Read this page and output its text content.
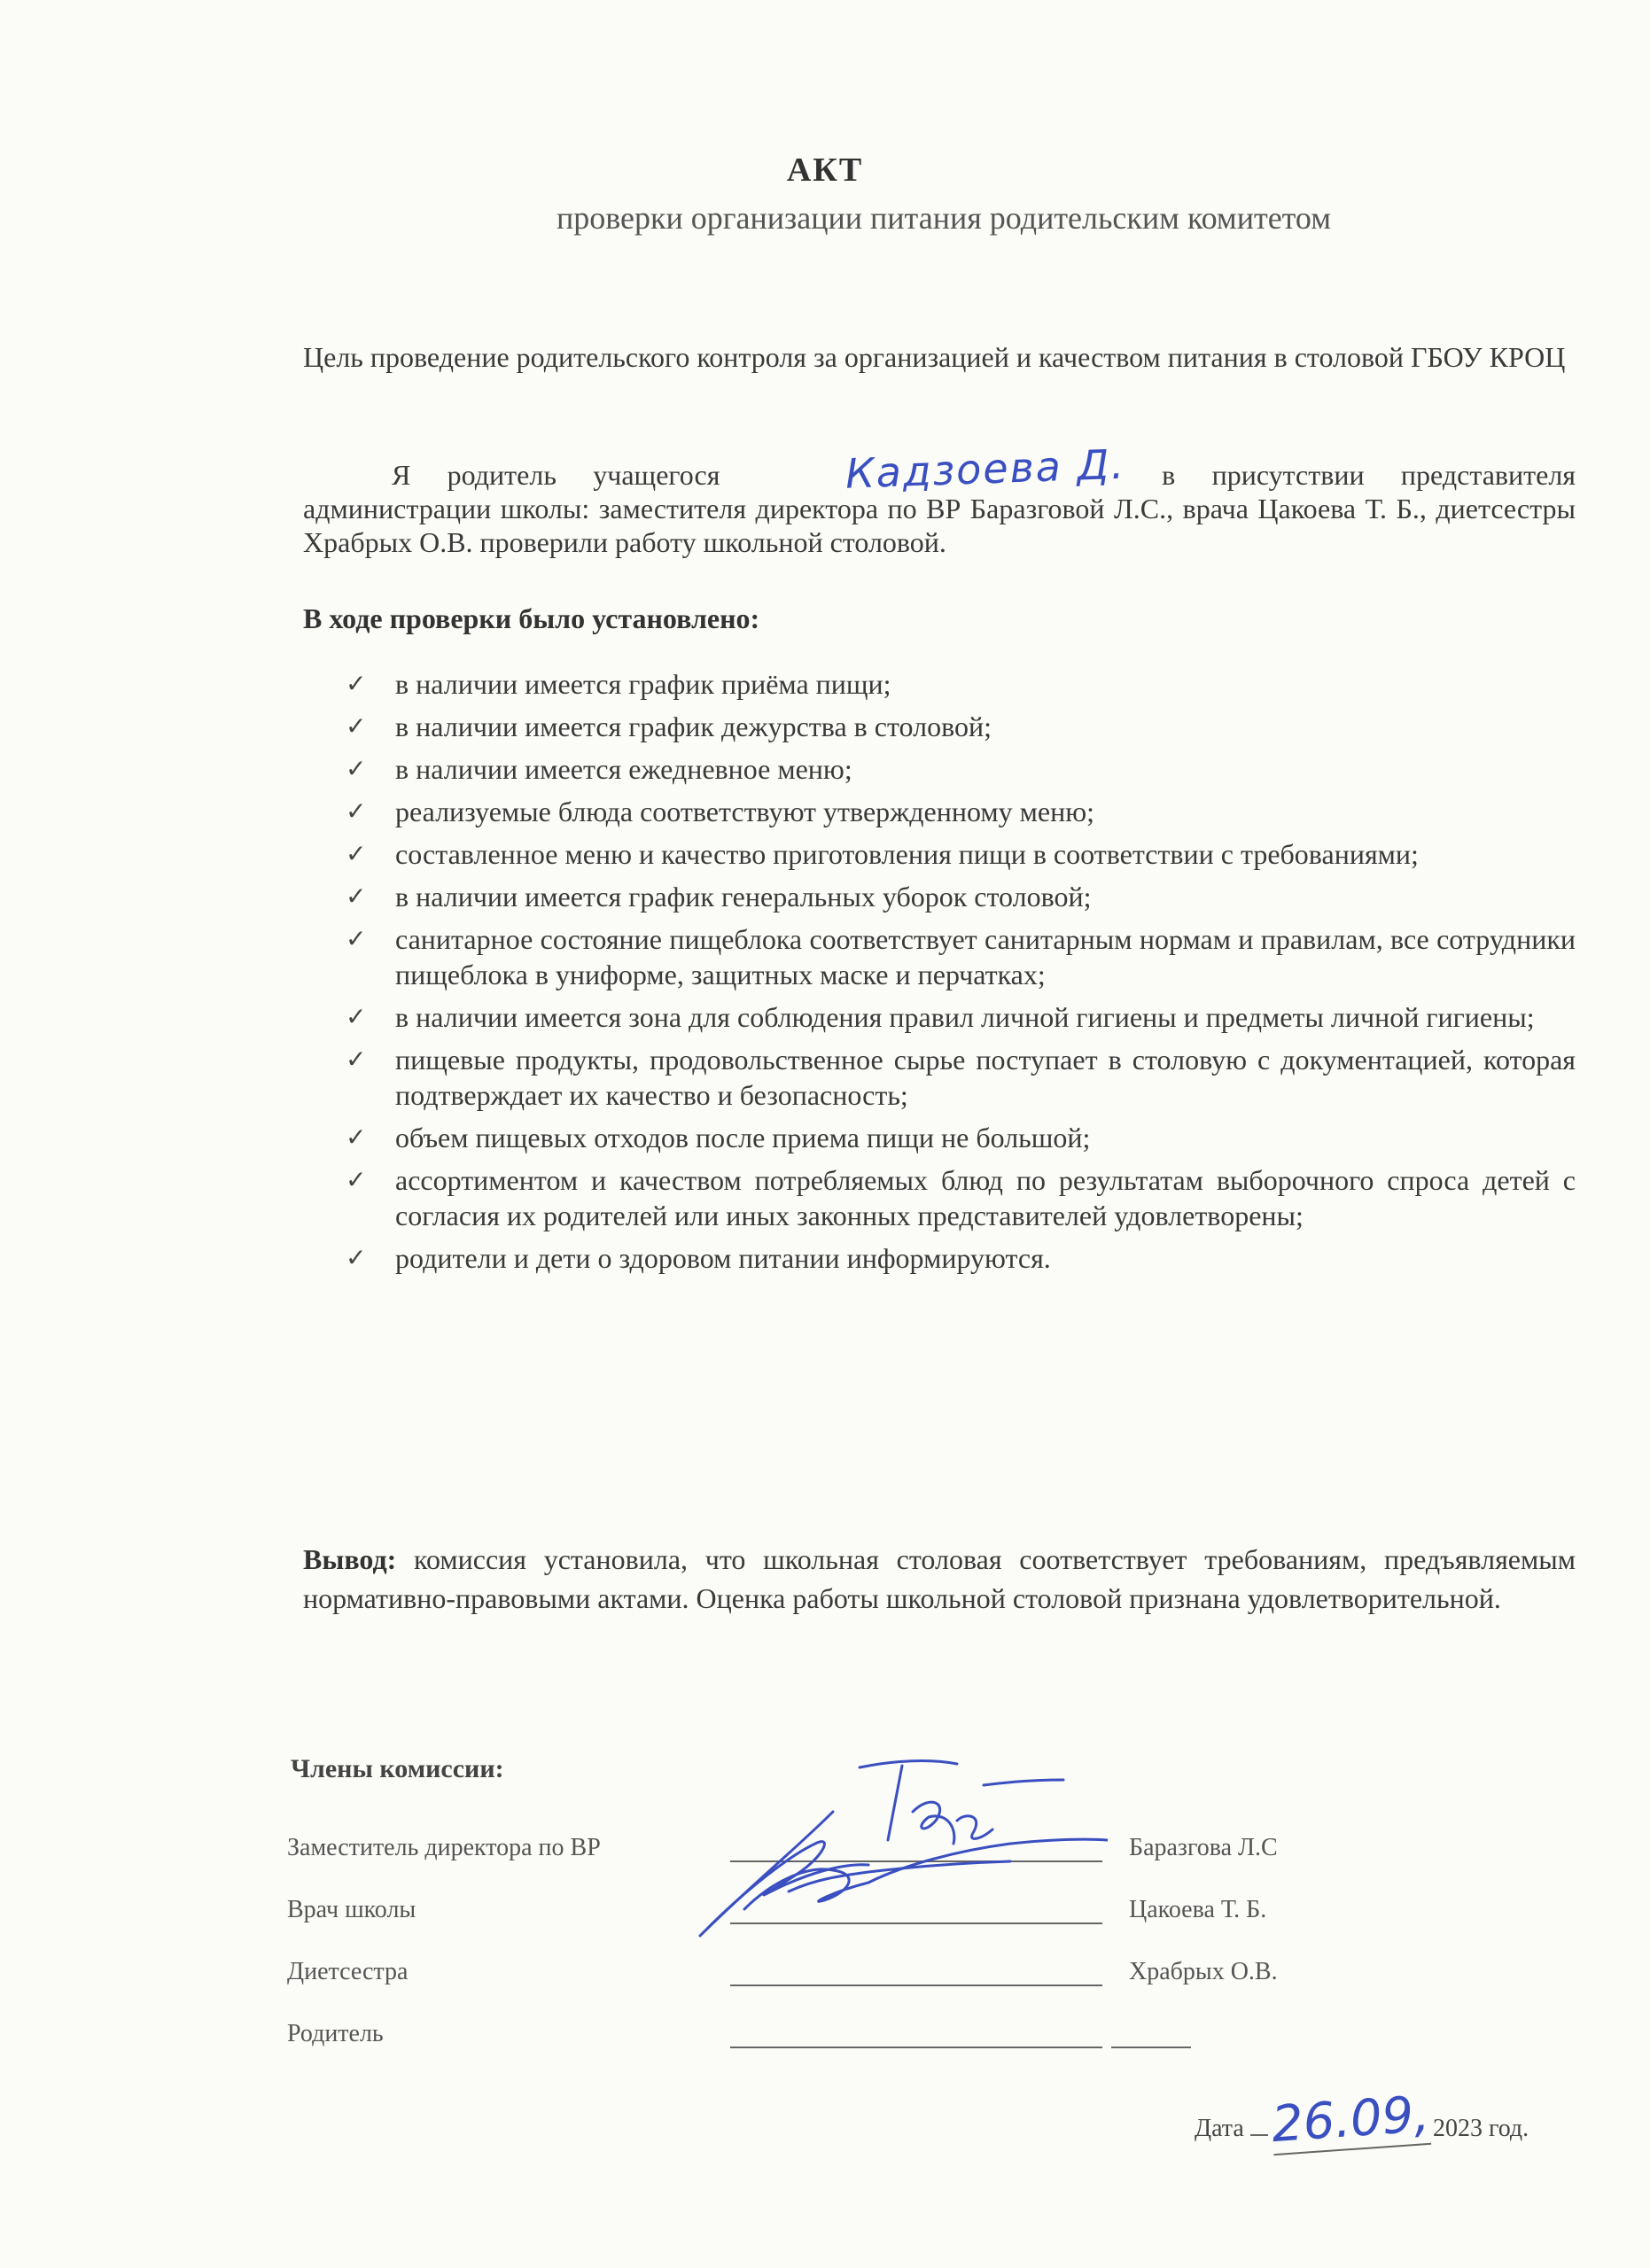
АКТ
проверки организации питания родительским комитетом
Цель проведение родительского контроля за организацией и качеством питания в столовой ГБОУ КРОЦ
Я родитель учащегося Кадзоева Д. в присутствии представителя администрации школы: заместителя директора по ВР Баразговой Л.С., врача Цакоева Т. Б., диетсестры Храбрых О.В. проверили работу школьной столовой.
В ходе проверки было установлено:
✓ в наличии имеется график приёма пищи;
✓ в наличии имеется график дежурства в столовой;
✓ в наличии имеется ежедневное меню;
✓ реализуемые блюда соответствуют утвержденному меню;
✓ составленное меню и качество приготовления пищи в соответствии с требованиями;
✓ в наличии имеется график генеральных уборок столовой;
✓ санитарное состояние пищеблока соответствует санитарным нормам и правилам, все сотрудники пищеблока в униформе, защитных маске и перчатках;
✓ в наличии имеется зона для соблюдения правил личной гигиены и предметы личной гигиены;
✓ пищевые продукты, продовольственное сырье поступает в столовую с документацией, которая подтверждает их качество и безопасность;
✓ объем пищевых отходов после приема пищи не большой;
✓ ассортиментом и качеством потребляемых блюд по результатам выборочного спроса детей с согласия их родителей или иных законных представителей удовлетворены;
✓ родители и дети о здоровом питании информируются.
Вывод: комиссия установила, что школьная столовая соответствует требованиям, предъявляемым нормативно-правовыми актами. Оценка работы школьной столовой признана удовлетворительной.
Члены комиссии:
Заместитель директора по ВР	Баразгова Л.С
Врач школы	Цакоева Т. Б.
Диетсестра	Храбрых О.В.
Родитель
Дата 26.09,2023 год.
